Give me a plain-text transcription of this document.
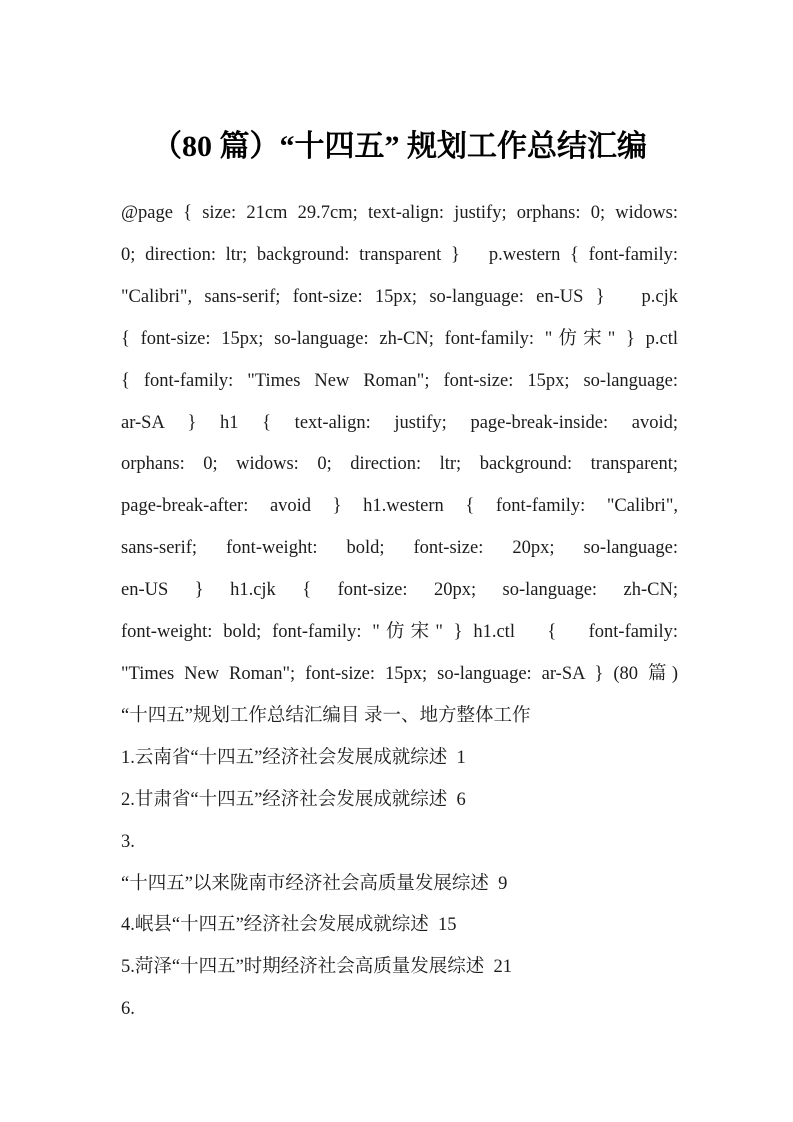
（80 篇）“十四五” 规划工作总结汇编
@page { size: 21cm 29.7cm; text-align: justify; orphans: 0; widows:
0; direction: ltr; background: transparent }   p.western { font-family:
"Calibri", sans-serif; font-size: 15px; so-language: en-US }   p.cjk
{ font-size: 15px; so-language: zh-CN; font-family: "仿宋" } p.ctl
{ font-family: "Times New Roman"; font-size: 15px; so-language:
ar-SA } h1 { text-align: justify; page-break-inside: avoid;
orphans: 0; widows: 0; direction: ltr; background: transparent;
page-break-after: avoid } h1.western { font-family: "Calibri",
sans-serif; font-weight: bold; font-size: 20px; so-language:
en-US } h1.cjk { font-size: 20px; so-language: zh-CN;
font-weight: bold; font-family: "仿宋" } h1.ctl   {   font-family:
"Times New Roman"; font-size: 15px; so-language: ar-SA } (80 篇)
“十四五”规划工作总结汇编目 录一、地方整体工作
1.云南省“十四五”经济社会发展成就综述  1
2.甘肃省“十四五”经济社会发展成就综述  6
3.
“十四五”以来陇南市经济社会高质量发展综述  9
4.岷县“十四五”经济社会发展成就综述  15
5.菏泽“十四五”时期经济社会高质量发展综述  21
6.
